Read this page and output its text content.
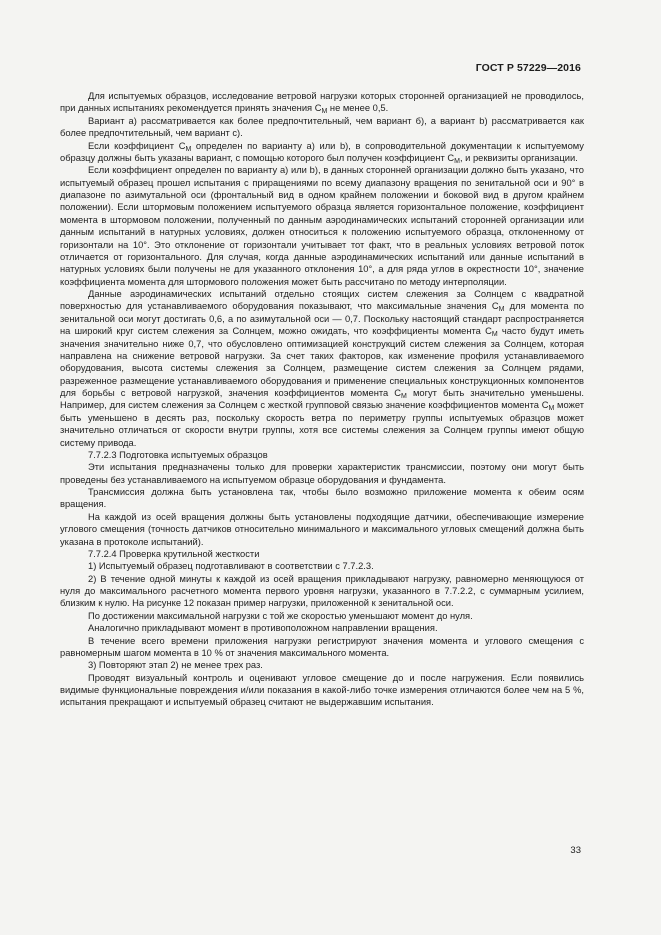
ГОСТ Р 57229—2016

Для испытуемых образцов, исследование ветровой нагрузки которых сторонней организацией не проводилось, при данных испытаниях рекомендуется принять значения $C_M$ не менее 0,5.

Вариант а) рассматривается как более предпочтительный, чем вариант б), а вариант b) рассматривается как более предпочтительный, чем вариант с).

Если коэффициент $C_M$ определен по варианту а) или b), в сопроводительной документации к испытуемому образцу должны быть указаны вариант, с помощью которого был получен коэффициент $C_M$, и реквизиты организации.

Если коэффициент определен по варианту а) или b), в данных сторонней организации должно быть указано, что испытуемый образец прошел испытания с приращениями по всему диапазону вращения по зенитальной оси и 90° в диапазоне по азимутальной оси (фронтальный вид в одном крайнем положении и боковой вид в другом крайнем положении). Если штормовым положением испытуемого образца является горизонтальное положение, коэффициент момента в штормовом положении, полученный по данным аэродинамических испытаний сторонней организации или данным испытаний в натурных условиях, должен относиться к положению испытуемого образца, отклоненному от горизонтали на 10°. Это отклонение от горизонтали учитывает тот факт, что в реальных условиях ветровой поток отличается от горизонтального. Для случая, когда данные аэродинамических испытаний или данные испытаний в натурных условиях были получены не для указанного отклонения 10°, а для ряда углов в окрестности 10°, значение коэффициента момента для штормового положения может быть рассчитано по методу интерполяции.

Данные аэродинамических испытаний отдельно стоящих систем слежения за Солнцем с квадратной поверхностью для устанавливаемого оборудования показывают, что максимальные значения $C_M$ для момента по зенитальной оси могут достигать 0,6, а по азимутальной оси — 0,7. Поскольку настоящий стандарт распространяется на широкий круг систем слежения за Солнцем, можно ожидать, что коэффициенты момента $C_M$ часто будут иметь значения значительно ниже 0,7, что обусловлено оптимизацией конструкций систем слежения за Солнцем, которая направлена на снижение ветровой нагрузки. За счет таких факторов, как изменение профиля устанавливаемого оборудования, высота системы слежения за Солнцем, размещение систем слежения за Солнцем рядами, разреженное размещение устанавливаемого оборудования и применение специальных конструкционных компонентов для борьбы с ветровой нагрузкой, значения коэффициентов момента $C_M$ могут быть значительно уменьшены. Например, для систем слежения за Солнцем с жесткой групповой связью значение коэффициентов момента $C_M$ может быть уменьшено в десять раз, поскольку скорость ветра по периметру группы испытуемых образцов может значительно отличаться от скорости внутри группы, хотя все системы слежения за Солнцем группы имеют общую систему привода.

7.7.2.3 Подготовка испытуемых образцов

Эти испытания предназначены только для проверки характеристик трансмиссии, поэтому они могут быть проведены без устанавливаемого на испытуемом образце оборудования и фундамента.

Трансмиссия должна быть установлена так, чтобы было возможно приложение момента к обеим осям вращения.

На каждой из осей вращения должны быть установлены подходящие датчики, обеспечивающие измерение углового смещения (точность датчиков относительно минимального и максимального угловых смещений должна быть указана в протоколе испытаний).

7.7.2.4 Проверка крутильной жесткости

1) Испытуемый образец подготавливают в соответствии с 7.7.2.3.

2) В течение одной минуты к каждой из осей вращения прикладывают нагрузку, равномерно меняющуюся от нуля до максимального расчетного момента первого уровня нагрузки, указанного в 7.7.2.2, с суммарным усилием, близким к нулю. На рисунке 12 показан пример нагрузки, приложенной к зенитальной оси.

По достижении максимальной нагрузки с той же скоростью уменьшают момент до нуля.

Аналогично прикладывают момент в противоположном направлении вращения.

В течение всего времени приложения нагрузки регистрируют значения момента и углового смещения с равномерным шагом момента в 10 % от значения максимального момента.

3) Повторяют этап 2) не менее трех раз.

Проводят визуальный контроль и оценивают угловое смещение до и после нагружения. Если появились видимые функциональные повреждения и/или показания в какой-либо точке измерения отличаются более чем на 5 %, испытания прекращают и испытуемый образец считают не выдержавшим испытания.

33
